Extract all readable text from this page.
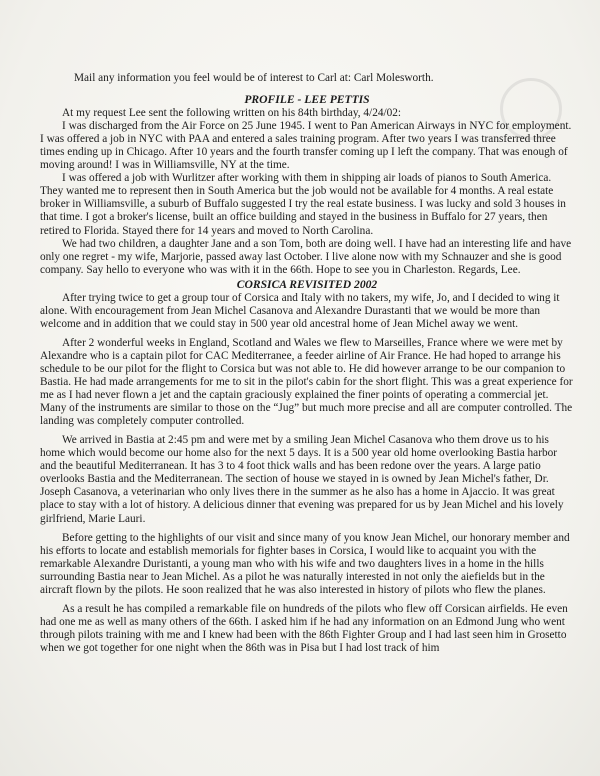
Mail any information you feel would be of interest to Carl at: Carl Molesworth.

PROFILE - LEE PETTIS

At my request Lee sent the following written on his 84th birthday, 4/24/02:

I was discharged from the Air Force on 25 June 1945. I went to Pan American Airways in NYC for employment. I was offered a job in NYC with PAA and entered a sales training program. After two years I was transferred three times ending up in Chicago. After 10 years and the fourth transfer coming up I left the company. That was enough of moving around! I was in Williamsville, NY at the time.

I was offered a job with Wurlitzer after working with them in shipping air loads of pianos to South America. They wanted me to represent then in South America but the job would not be available for 4 months. A real estate broker in Williamsville, a suburb of Buffalo suggested I try the real estate business. I was lucky and sold 3 houses in that time. I got a broker's license, built an office building and stayed in the business in Buffalo for 27 years, then retired to Florida. Stayed there for 14 years and moved to North Carolina.

We had two children, a daughter Jane and a son Tom, both are doing well. I have had an interesting life and have only one regret - my wife, Marjorie, passed away last October. I live alone now with my Schnauzer and she is good company. Say hello to everyone who was with it in the 66th. Hope to see you in Charleston. Regards, Lee.

CORSICA REVISITED 2002

After trying twice to get a group tour of Corsica and Italy with no takers, my wife, Jo, and I decided to wing it alone. With encouragement from Jean Michel Casanova and Alexandre Durastanti that we would be more than welcome and in addition that we could stay in 500 year old ancestral home of Jean Michel away we went.

After 2 wonderful weeks in England, Scotland and Wales we flew to Marseilles, France where we were met by Alexandre who is a captain pilot for CAC Mediterranee, a feeder airline of Air France. He had hoped to arrange his schedule to be our pilot for the flight to Corsica but was not able to. He did however arrange to be our companion to Bastia. He had made arrangements for me to sit in the pilot's cabin for the short flight. This was a great experience for me as I had never flown a jet and the captain graciously explained the finer points of operating a commercial jet. Many of the instruments are similar to those on the “Jug” but much more precise and all are computer controlled. The landing was completely computer controlled.

We arrived in Bastia at 2:45 pm and were met by a smiling Jean Michel Casanova who them drove us to his home which would become our home also for the next 5 days. It is a 500 year old home overlooking Bastia harbor and the beautiful Mediterranean. It has 3 to 4 foot thick walls and has been redone over the years. A large patio overlooks Bastia and the Mediterranean. The section of house we stayed in is owned by Jean Michel's father, Dr. Joseph Casanova, a veterinarian who only lives there in the summer as he also has a home in Ajaccio. It was great place to stay with a lot of history. A delicious dinner that evening was prepared for us by Jean Michel and his lovely girlfriend, Marie Lauri.

Before getting to the highlights of our visit and since many of you know Jean Michel, our honorary member and his efforts to locate and establish memorials for fighter bases in Corsica, I would like to acquaint you with the remarkable Alexandre Duristanti, a young man who with his wife and two daughters lives in a home in the hills surrounding Bastia near to Jean Michel. As a pilot he was naturally interested in not only the aiefields but in the aircraft flown by the pilots. He soon realized that he was also interested in history of pilots who flew the planes.

As a result he has compiled a remarkable file on hundreds of the pilots who flew off Corsican airfields. He even had one me as well as many others of the 66th. I asked him if he had any information on an Edmond Jung who went through pilots training with me and I knew had been with the 86th Fighter Group and I had last seen him in Grosetto when we got together for one night when the 86th was in Pisa but I had lost track of him
